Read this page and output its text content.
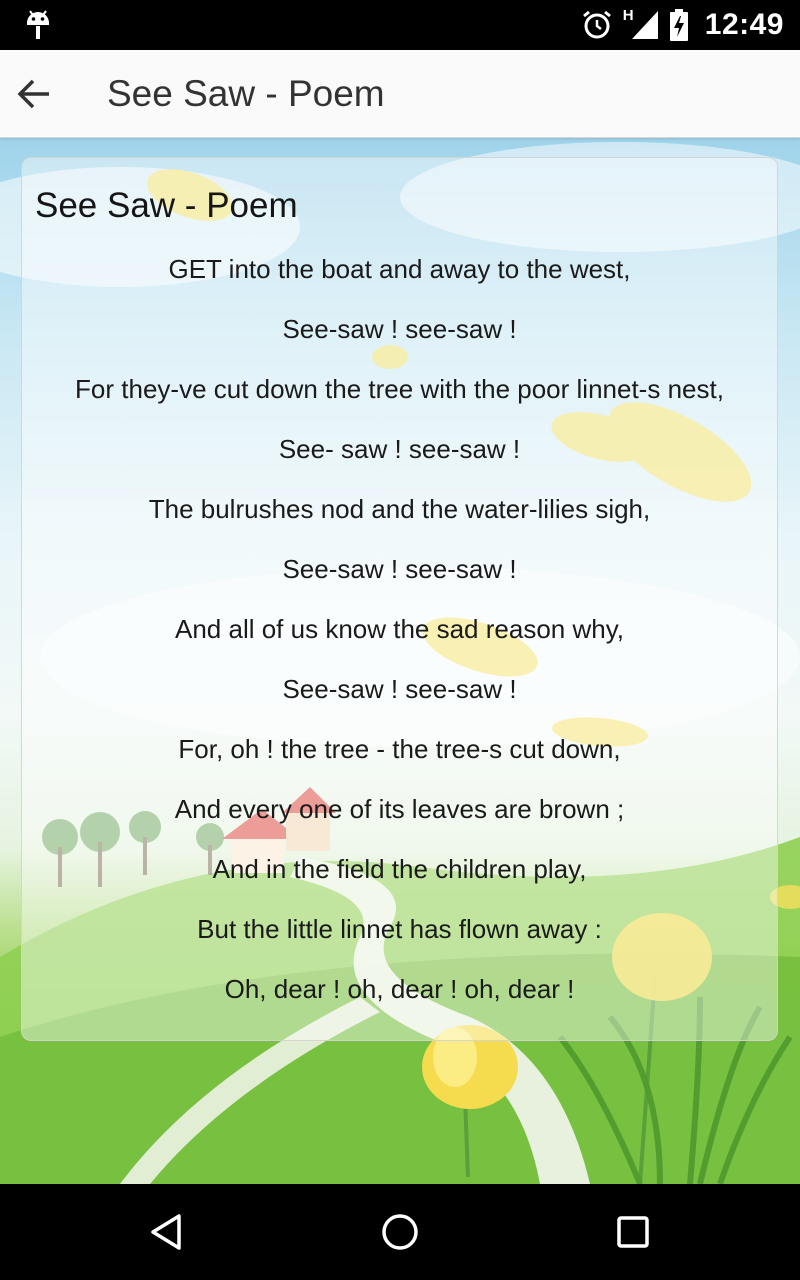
H 12:49
See Saw - Poem
See Saw - Poem
GET into the boat and away to the west,
See-saw ! see-saw !
For they-ve cut down the tree with the poor linnet-s nest,
See- saw ! see-saw !
The bulrushes nod and the water-lilies sigh,
See-saw ! see-saw !
And all of us know the sad reason why,
See-saw ! see-saw !
For, oh ! the tree - the tree-s cut down,
And every one of its leaves are brown ;
And in the field the children play,
But the little linnet has flown away :
Oh, dear ! oh, dear ! oh, dear !
